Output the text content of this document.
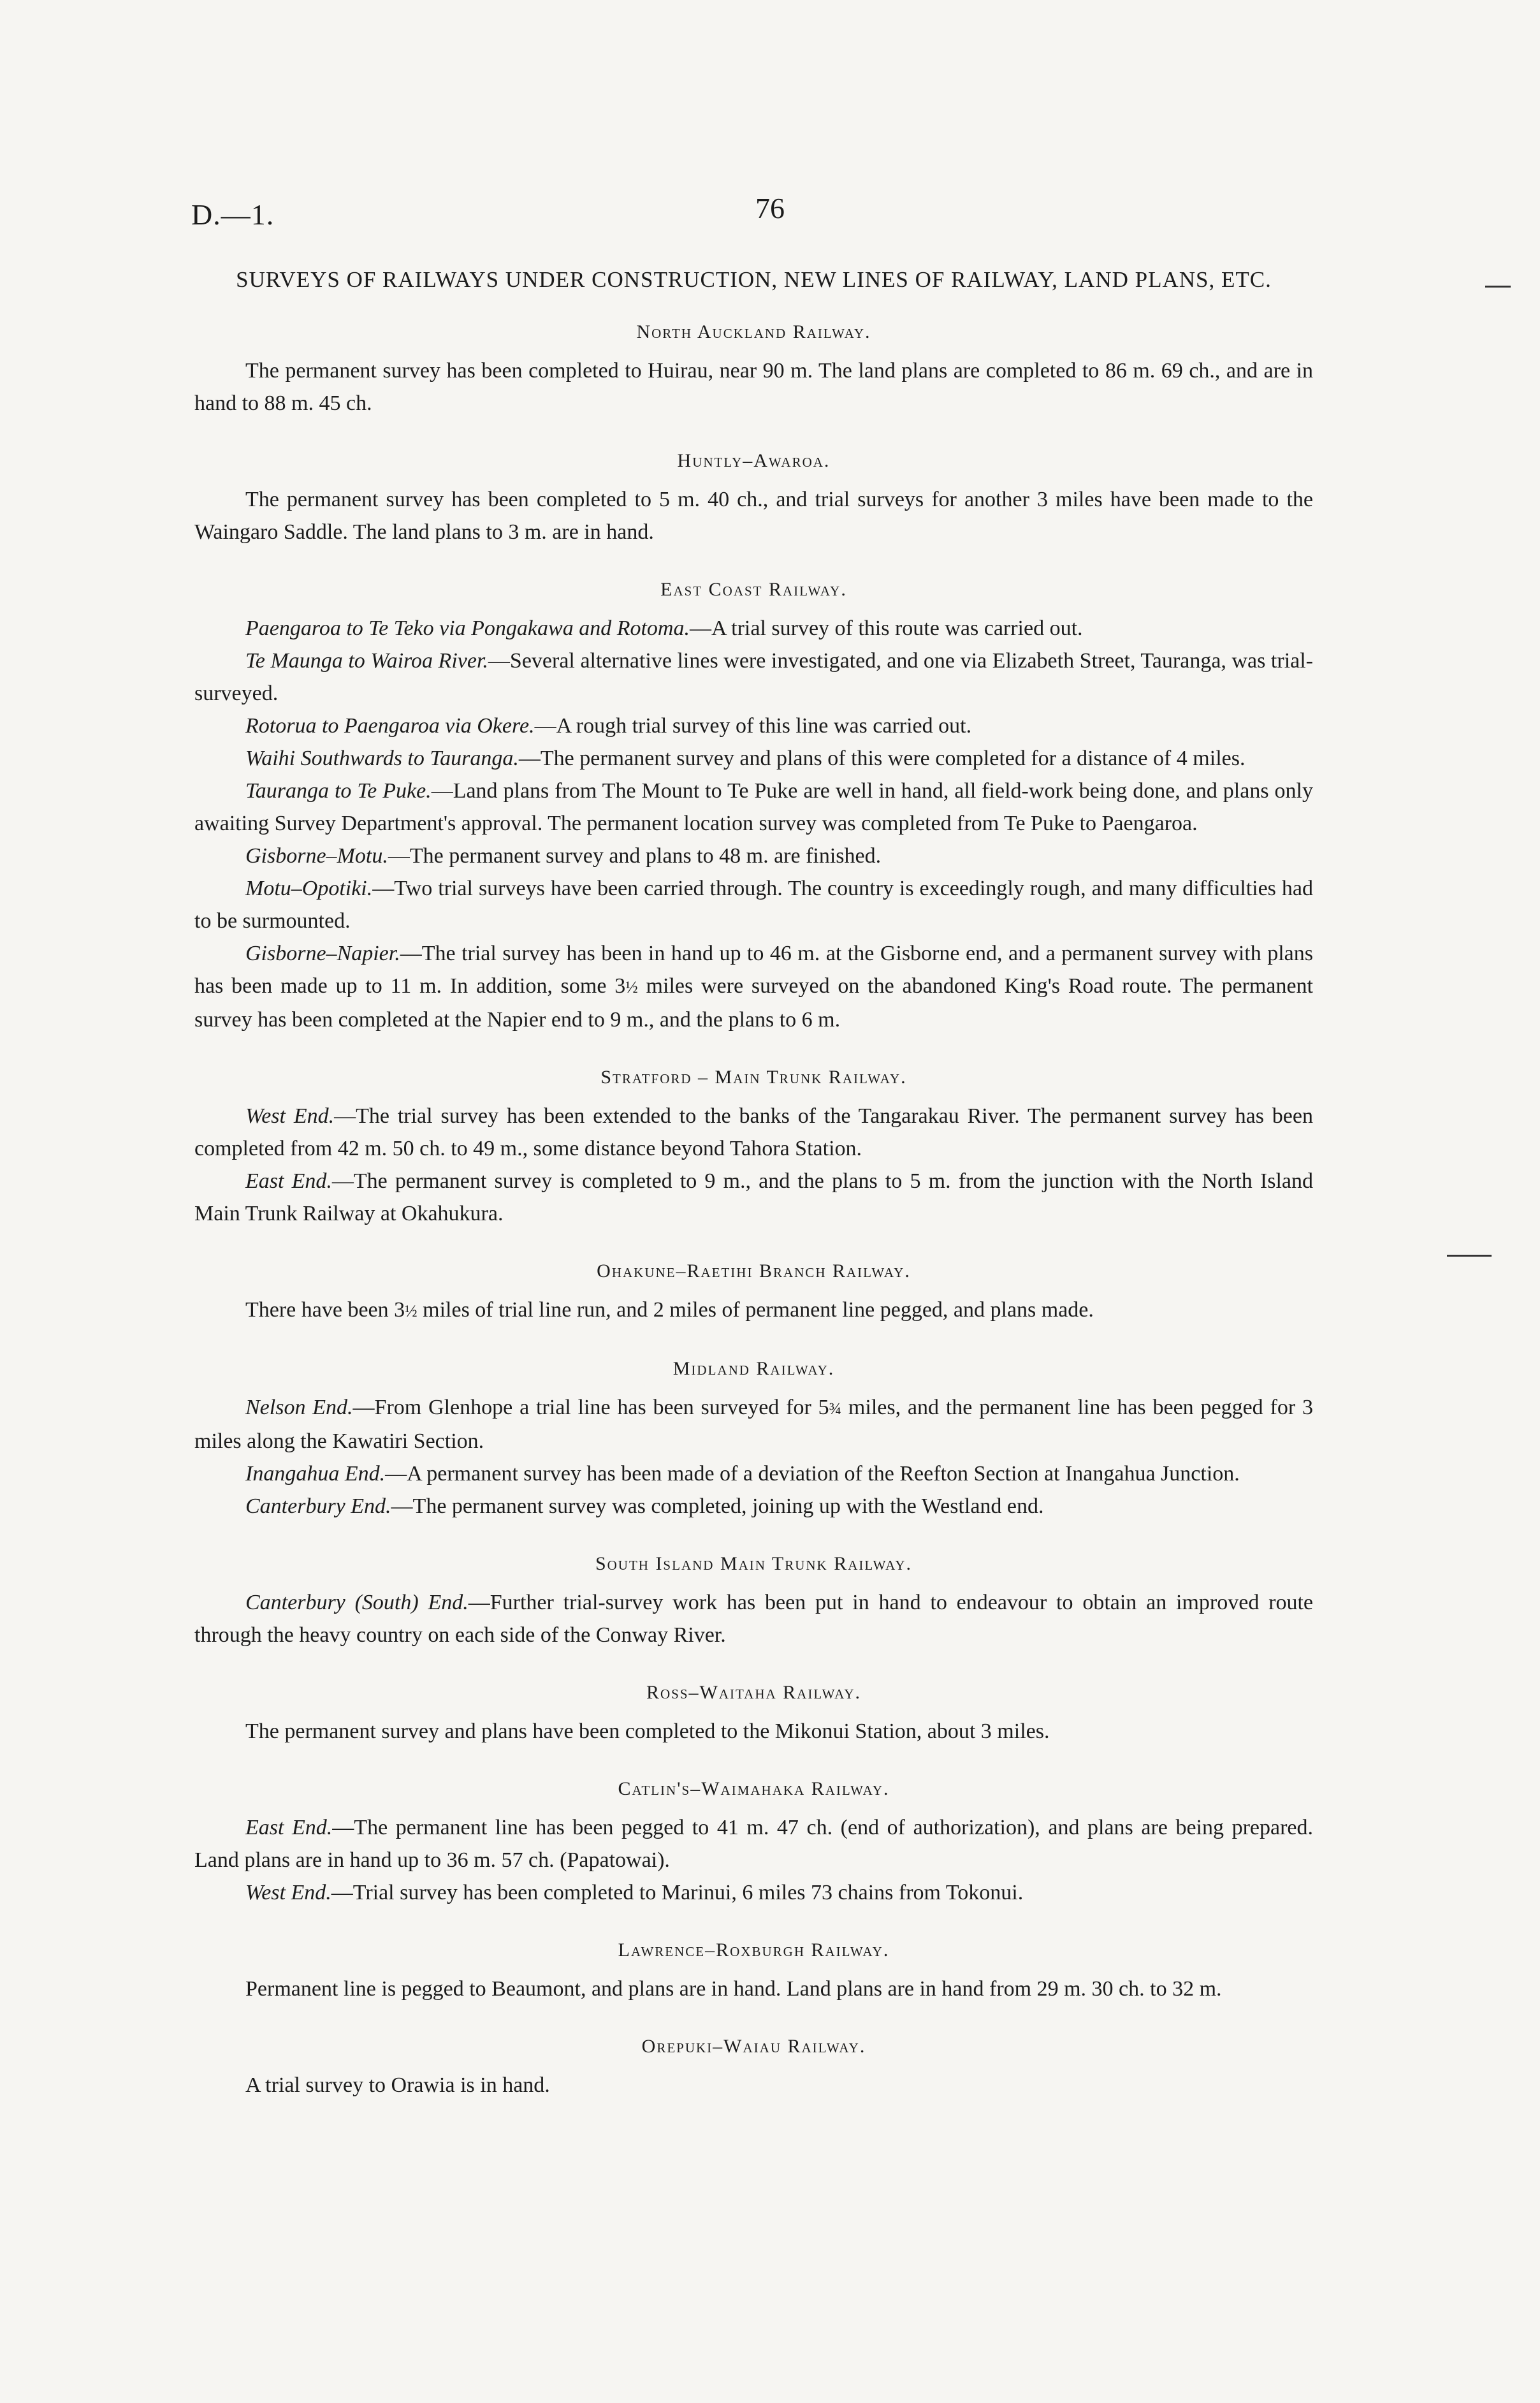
D.—1.	76

SURVEYS OF RAILWAYS UNDER CONSTRUCTION, NEW LINES OF RAILWAY, LAND PLANS, ETC.

North Auckland Railway.

The permanent survey has been completed to Huirau, near 90 m. The land plans are completed to 86 m. 69 ch., and are in hand to 88 m. 45 ch.

Huntly–Awaroa.

The permanent survey has been completed to 5 m. 40 ch., and trial surveys for another 3 miles have been made to the Waingaro Saddle. The land plans to 3 m. are in hand.

East Coast Railway.

Paengaroa to Te Teko via Pongakawa and Rotoma.—A trial survey of this route was carried out.

Te Maunga to Wairoa River.—Several alternative lines were investigated, and one via Elizabeth Street, Tauranga, was trial-surveyed.

Rotorua to Paengaroa via Okere.—A rough trial survey of this line was carried out.

Waihi Southwards to Tauranga.—The permanent survey and plans of this were completed for a distance of 4 miles.

Tauranga to Te Puke.—Land plans from The Mount to Te Puke are well in hand, all field-work being done, and plans only awaiting Survey Department's approval. The permanent location survey was completed from Te Puke to Paengaroa.

Gisborne–Motu.—The permanent survey and plans to 48 m. are finished.

Motu–Opotiki.—Two trial surveys have been carried through. The country is exceedingly rough, and many difficulties had to be surmounted.

Gisborne–Napier.—The trial survey has been in hand up to 46 m. at the Gisborne end, and a permanent survey with plans has been made up to 11 m. In addition, some 3½ miles were surveyed on the abandoned King's Road route. The permanent survey has been completed at the Napier end to 9 m., and the plans to 6 m.

Stratford – Main Trunk Railway.

West End.—The trial survey has been extended to the banks of the Tangarakau River. The permanent survey has been completed from 42 m. 50 ch. to 49 m., some distance beyond Tahora Station.

East End.—The permanent survey is completed to 9 m., and the plans to 5 m. from the junction with the North Island Main Trunk Railway at Okahukura.

Ohakune–Raetihi Branch Railway.

There have been 3½ miles of trial line run, and 2 miles of permanent line pegged, and plans made.

Midland Railway.

Nelson End.—From Glenhope a trial line has been surveyed for 5¾ miles, and the permanent line has been pegged for 3 miles along the Kawatiri Section.

Inangahua End.—A permanent survey has been made of a deviation of the Reefton Section at Inangahua Junction.

Canterbury End.—The permanent survey was completed, joining up with the Westland end.

South Island Main Trunk Railway.

Canterbury (South) End.—Further trial-survey work has been put in hand to endeavour to obtain an improved route through the heavy country on each side of the Conway River.

Ross–Waitaha Railway.

The permanent survey and plans have been completed to the Mikonui Station, about 3 miles.

Catlin's–Waimahaka Railway.

East End.—The permanent line has been pegged to 41 m. 47 ch. (end of authorization), and plans are being prepared. Land plans are in hand up to 36 m. 57 ch. (Papatowai).

West End.—Trial survey has been completed to Marinui, 6 miles 73 chains from Tokonui.

Lawrence–Roxburgh Railway.

Permanent line is pegged to Beaumont, and plans are in hand. Land plans are in hand from 29 m. 30 ch. to 32 m.

Orepuki–Waiau Railway.

A trial survey to Orawia is in hand.
